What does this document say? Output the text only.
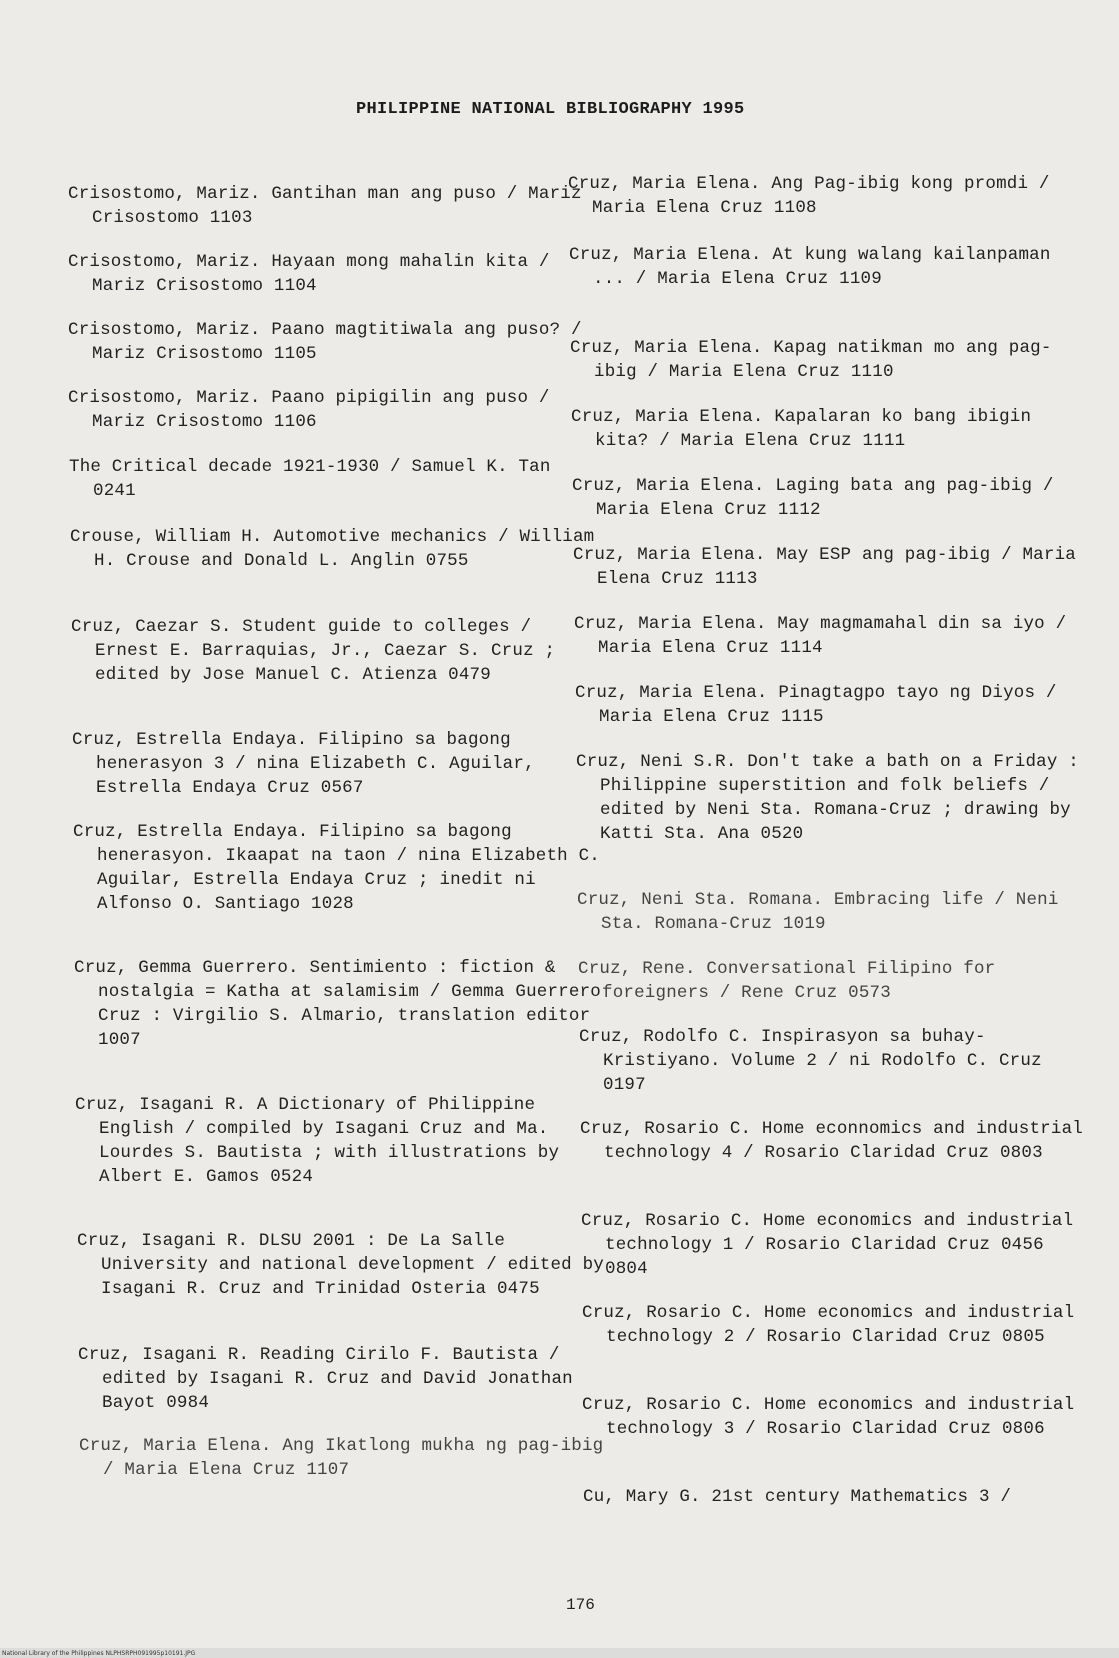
PHILIPPINE NATIONAL BIBLIOGRAPHY 1995
Crisostomo, Mariz. Gantihan man ang puso / Mariz Crisostomo 1103
Crisostomo, Mariz. Hayaan mong mahalin kita / Mariz Crisostomo 1104
Crisostomo, Mariz. Paano magtitiwala ang puso? / Mariz Crisostomo 1105
Crisostomo, Mariz. Paano pipigilin ang puso / Mariz Crisostomo 1106
The Critical decade 1921-1930 / Samuel K. Tan 0241
Crouse, William H. Automotive mechanics / William H. Crouse and Donald L. Anglin 0755
Cruz, Caezar S. Student guide to colleges / Ernest E. Barraquias, Jr., Caezar S. Cruz ; edited by Jose Manuel C. Atienza 0479
Cruz, Estrella Endaya. Filipino sa bagong henerasyon 3 / nina Elizabeth C. Aguilar, Estrella Endaya Cruz 0567
Cruz, Estrella Endaya. Filipino sa bagong henerasyon. Ikaapat na taon / nina Elizabeth C. Aguilar, Estrella Endaya Cruz ; inedit ni Alfonso O. Santiago 1028
Cruz, Gemma Guerrero. Sentimiento : fiction & nostalgia = Katha at salamisim / Gemma Guerrero Cruz : Virgilio S. Almario, translation editor 1007
Cruz, Isagani R. A Dictionary of Philippine English / compiled by Isagani Cruz and Ma. Lourdes S. Bautista ; with illustrations by Albert E. Gamos 0524
Cruz, Isagani R. DLSU 2001 : De La Salle University and national development / edited by Isagani R. Cruz and Trinidad Osteria 0475
Cruz, Isagani R. Reading Cirilo F. Bautista / edited by Isagani R. Cruz and David Jonathan Bayot 0984
Cruz, Maria Elena. Ang Ikatlong mukha ng pag-ibig / Maria Elena Cruz 1107
Cruz, Maria Elena. Ang Pag-ibig kong promdi / Maria Elena Cruz 1108
Cruz, Maria Elena. At kung walang kailanpaman ... / Maria Elena Cruz 1109
Cruz, Maria Elena. Kapag natikman mo ang pag-ibig / Maria Elena Cruz 1110
Cruz, Maria Elena. Kapalaran ko bang ibigin kita? / Maria Elena Cruz 1111
Cruz, Maria Elena. Laging bata ang pag-ibig / Maria Elena Cruz 1112
Cruz, Maria Elena. May ESP ang pag-ibig / Maria Elena Cruz 1113
Cruz, Maria Elena. May magmamahal din sa iyo / Maria Elena Cruz 1114
Cruz, Maria Elena. Pinagtagpo tayo ng Diyos / Maria Elena Cruz 1115
Cruz, Neni S.R. Don't take a bath on a Friday : Philippine superstition and folk beliefs / edited by Neni Sta. Romana-Cruz ; drawing by Katti Sta. Ana 0520
Cruz, Neni Sta. Romana. Embracing life / Neni Sta. Romana-Cruz 1019
Cruz, Rene. Conversational Filipino for foreigners / Rene Cruz 0573
Cruz, Rodolfo C. Inspirasyon sa buhay-Kristiyano. Volume 2 / ni Rodolfo C. Cruz 0197
Cruz, Rosario C. Home econnomics and industrial technology 4 / Rosario Claridad Cruz 0803
Cruz, Rosario C. Home economics and industrial technology 1 / Rosario Claridad Cruz 0456 0804
Cruz, Rosario C. Home economics and industrial technology 2 / Rosario Claridad Cruz 0805
Cruz, Rosario C. Home economics and industrial technology 3 / Rosario Claridad Cruz 0806
Cu, Mary G. 21st century Mathematics 3 /
176
National Library of the Philippines NLPHSRPH091995p10191.JPG
